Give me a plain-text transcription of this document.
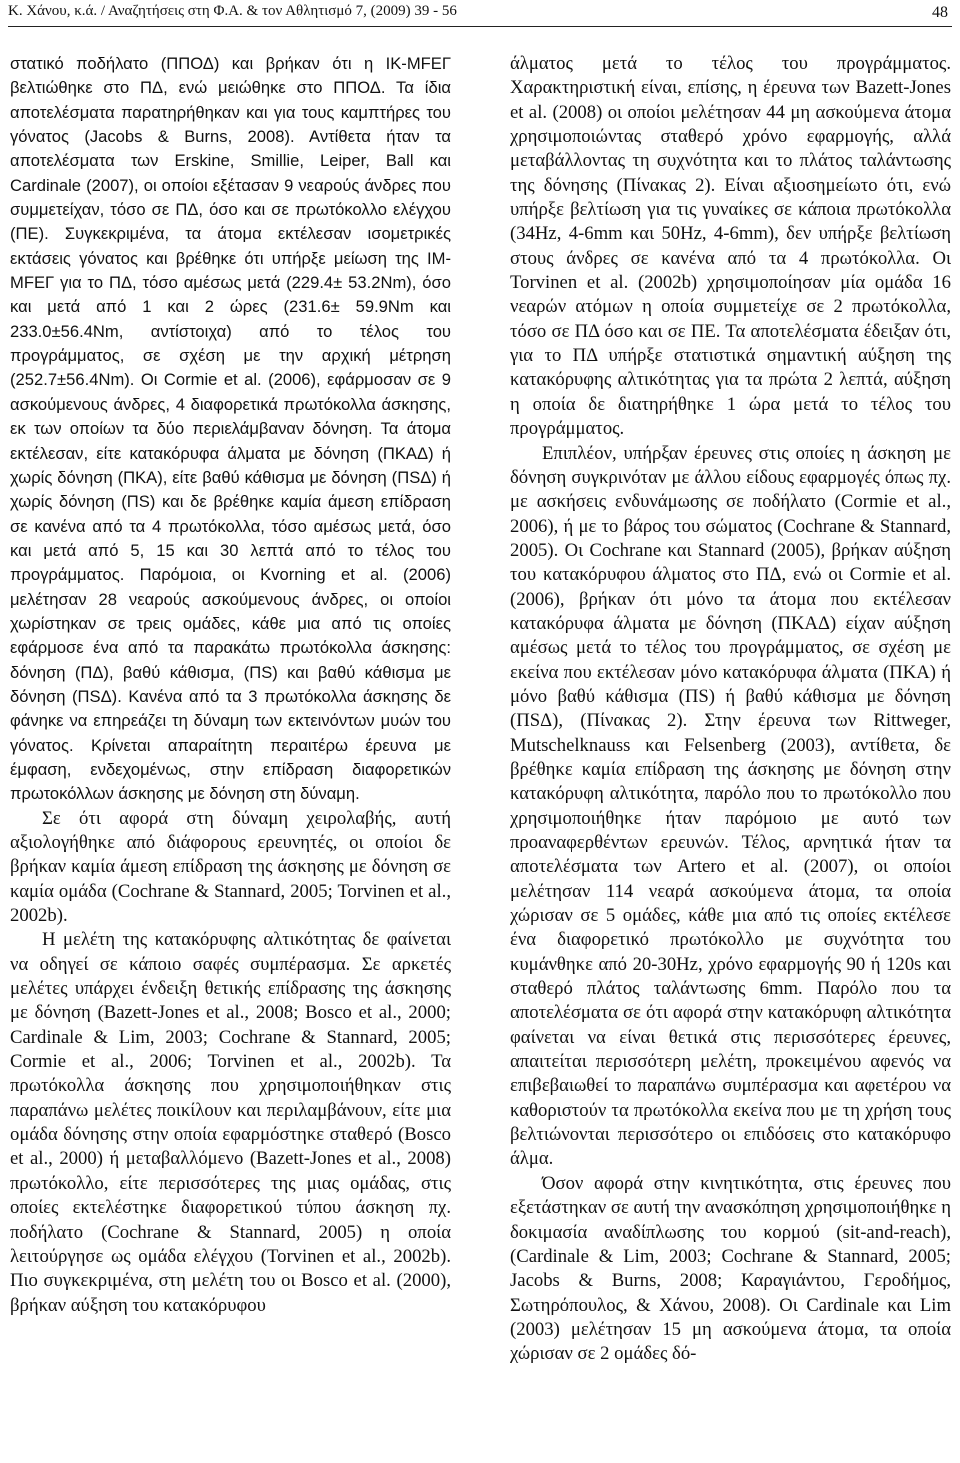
Κ. Χάνου, κ.ά. / Αναζητήσεις στη Φ.Α. & τον Αθλητισμό 7, (2009) 39 - 56	48

στατικό ποδήλατο (ΠΠΟΔ) και βρήκαν ότι η ΙΚ-ΜFΕΓ βελτιώθηκε στο ΠΔ, ενώ μειώθηκε στο ΠΠΟΔ. Τα ίδια αποτελέσματα παρατηρήθηκαν και για τους καμπτήρες του γόνατος (Jacobs & Burns, 2008). Αντίθετα ήταν τα αποτελέσματα των Erskine, Smillie, Leiper, Ball και Cardinale (2007), οι οποίοι εξέτασαν 9 νεαρούς άνδρες που συμμετείχαν, τόσο σε ΠΔ, όσο και σε πρωτόκολλο ελέγχου (ΠΕ). Συγκεκριμένα, τα άτομα εκτέλεσαν ισομετρικές εκτάσεις γόνατος και βρέθηκε ότι υπήρξε μείωση της ΙΜ-ΜFΕΓ για το ΠΔ, τόσο αμέσως μετά (229.4± 53.2Nm), όσο και μετά από 1 και 2 ώρες (231.6± 59.9Nm και 233.0±56.4Nm, αντίστοιχα) από το τέλος του προγράμματος, σε σχέση με την αρχική μέτρηση (252.7±56.4Nm). Οι Cormie et al. (2006), εφάρμοσαν σε 9 ασκούμενους άνδρες, 4 διαφορετικά πρωτόκολλα άσκησης, εκ των οποίων τα δύο περιελάμβαναν δόνηση. Τα άτομα εκτέλεσαν, είτε κατακόρυφα άλματα με δόνηση (ΠΚΑΔ) ή χωρίς δόνηση (ΠΚΑ), είτε βαθύ κάθισμα με δόνηση (ΠSΔ) ή χωρίς δόνηση (ΠS) και δε βρέθηκε καμία άμεση επίδραση σε κανένα από τα 4 πρωτόκολλα, τόσο αμέσως μετά, όσο και μετά από 5, 15 και 30 λεπτά από το τέλος του προγράμματος. Παρόμοια, οι Kvorning et al. (2006) μελέτησαν 28 νεαρούς ασκούμενους άνδρες, οι οποίοι χωρίστηκαν σε τρεις ομάδες, κάθε μια από τις οποίες εφάρμοσε ένα από τα παρακάτω πρωτόκολλα άσκησης: δόνηση (ΠΔ), βαθύ κάθισμα, (ΠS) και βαθύ κάθισμα με δόνηση (ΠSΔ). Κανένα από τα 3 πρωτόκολλα άσκησης δε φάνηκε να επηρεάζει τη δύναμη των εκτεινόντων μυών του γόνατος. Κρίνεται απαραίτητη περαιτέρω έρευνα με έμφαση, ενδεχομένως, στην επίδραση διαφορετικών πρωτοκόλλων άσκησης με δόνηση στη δύναμη.

Σε ότι αφορά στη δύναμη χειρολαβής, αυτή αξιολογήθηκε από διάφορους ερευνητές, οι οποίοι δε βρήκαν καμία άμεση επίδραση της άσκησης με δόνηση σε καμία ομάδα (Cochrane & Stannard, 2005; Torvinen et al., 2002b).

Η μελέτη της κατακόρυφης αλτικότητας δε φαίνεται να οδηγεί σε κάποιο σαφές συμπέρασμα. Σε αρκετές μελέτες υπάρχει ένδειξη θετικής επίδρασης της άσκησης με δόνηση (Bazett-Jones et al., 2008; Bosco et al., 2000; Cardinale & Lim, 2003; Cochrane & Stannard, 2005; Cormie et al., 2006; Torvinen et al., 2002b). Τα πρωτόκολλα άσκησης που χρησιμοποιήθηκαν στις παραπάνω μελέτες ποικίλουν και περιλαμβάνουν, είτε μια ομάδα δόνησης στην οποία εφαρμόστηκε σταθερό (Bosco et al., 2000) ή μεταβαλλόμενο (Bazett-Jones et al., 2008) πρωτόκολλο, είτε περισσότερες της μιας ομάδας, στις οποίες εκτελέστηκε διαφορετικού τύπου άσκηση πχ. ποδήλατο (Cochrane & Stannard, 2005) η οποία λειτούργησε ως ομάδα ελέγχου (Torvinen et al., 2002b). Πιο συγκεκριμένα, στη μελέτη του οι Bosco et al. (2000), βρήκαν αύξηση του κατακόρυφου

άλματος μετά το τέλος του προγράμματος. Χαρακτηριστική είναι, επίσης, η έρευνα των Bazett-Jones et al. (2008) οι οποίοι μελέτησαν 44 μη ασκούμενα άτομα χρησιμοποιώντας σταθερό χρόνο εφαρμογής, αλλά μεταβάλλοντας τη συχνότητα και το πλάτος ταλάντωσης της δόνησης (Πίνακας 2). Είναι αξιοσημείωτο ότι, ενώ υπήρξε βελτίωση για τις γυναίκες σε κάποια πρωτόκολλα (34Hz, 4-6mm και 50Hz, 4-6mm), δεν υπήρξε βελτίωση στους άνδρες σε κανένα από τα 4 πρωτόκολλα. Οι Torvinen et al. (2002b) χρησιμοποίησαν μία ομάδα 16 νεαρών ατόμων η οποία συμμετείχε σε 2 πρωτόκολλα, τόσο σε ΠΔ όσο και σε ΠΕ. Τα αποτελέσματα έδειξαν ότι, για το ΠΔ υπήρξε στατιστικά σημαντική αύξηση της κατακόρυφης αλτικότητας για τα πρώτα 2 λεπτά, αύξηση η οποία δε διατηρήθηκε 1 ώρα μετά το τέλος του προγράμματος.

Επιπλέον, υπήρξαν έρευνες στις οποίες η άσκηση με δόνηση συγκρινόταν με άλλου είδους εφαρμογές όπως πχ. με ασκήσεις ενδυνάμωσης σε ποδήλατο (Cormie et al., 2006), ή με το βάρος του σώματος (Cochrane & Stannard, 2005). Οι Cochrane και Stannard (2005), βρήκαν αύξηση του κατακόρυφου άλματος στο ΠΔ, ενώ οι Cormie et al. (2006), βρήκαν ότι μόνο τα άτομα που εκτέλεσαν κατακόρυφα άλματα με δόνηση (ΠΚΑΔ) είχαν αύξηση αμέσως μετά το τέλος του προγράμματος, σε σχέση με εκείνα που εκτέλεσαν μόνο κατακόρυφα άλματα (ΠΚΑ) ή μόνο βαθύ κάθισμα (ΠS) ή βαθύ κάθισμα με δόνηση (ΠSΔ), (Πίνακας 2). Στην έρευνα των Rittweger, Mutschelknauss και Felsenberg (2003), αντίθετα, δε βρέθηκε καμία επίδραση της άσκησης με δόνηση στην κατακόρυφη αλτικότητα, παρόλο που το πρωτόκολλο που χρησιμοποιήθηκε ήταν παρόμοιο με αυτό των προαναφερθέντων ερευνών. Τέλος, αρνητικά ήταν τα αποτελέσματα των Artero et al. (2007), οι οποίοι μελέτησαν 114 νεαρά ασκούμενα άτομα, τα οποία χώρισαν σε 5 ομάδες, κάθε μια από τις οποίες εκτέλεσε ένα διαφορετικό πρωτόκολλο με συχνότητα του κυμάνθηκε από 20-30Hz, χρόνο εφαρμογής 90 ή 120s και σταθερό πλάτος ταλάντωσης 6mm. Παρόλο που τα αποτελέσματα σε ότι αφορά στην κατακόρυφη αλτικότητα φαίνεται να είναι θετικά στις περισσότερες έρευνες, απαιτείται περισσότερη μελέτη, προκειμένου αφενός να επιβεβαιωθεί το παραπάνω συμπέρασμα και αφετέρου να καθοριστούν τα πρωτόκολλα εκείνα που με τη χρήση τους βελτιώνονται περισσότερο οι επιδόσεις στο κατακόρυφο άλμα.

Όσον αφορά στην κινητικότητα, στις έρευνες που εξετάστηκαν σε αυτή την ανασκόπηση χρησιμοποιήθηκε η δοκιμασία αναδίπλωσης του κορμού (sit-and-reach), (Cardinale & Lim, 2003; Cochrane & Stannard, 2005; Jacobs & Burns, 2008; Καραγιάντου, Γεροδήμος, Σωτηρόπουλος, & Χάνου, 2008). Οι Cardinale και Lim (2003) μελέτησαν 15 μη ασκούμενα άτομα, τα οποία χώρισαν σε 2 ομάδες δό-
